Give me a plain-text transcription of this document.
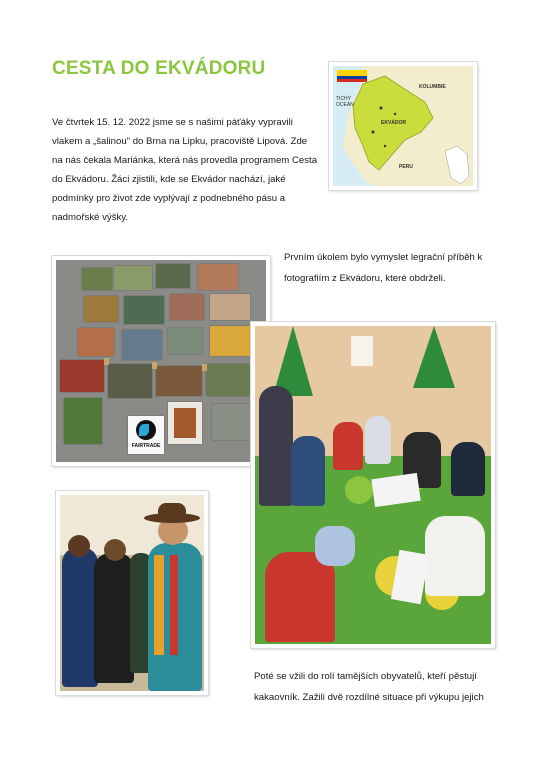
CESTA DO EKVÁDORU
Ve čtvrtek 15. 12. 2022 jsme se s našimi páťáky vypravili vlakem a „šalinou" do Brna na Lipku, pracoviště Lipová. Zde na nás čekala Mariánka, která nás provedla programem Cesta do Ekvádoru. Žáci zjistili, kde se Ekvádor nachází, jaké podmínky pro život zde vyplývají z podnebného pásu a nadmořské výšky.
KOLUMBIE
EKVÁDOR
PERU
TICHÝ OCEÁN
FAIRTRADE
Prvním úkolem bylo vymyslet legrační příběh k fotografiím z Ekvádoru, které obdrželi.
Poté se vžili do rolí tamějších obyvatelů, kteří pěstují kakaovník. Zažili dvě rozdílné situace při výkupu jejich
